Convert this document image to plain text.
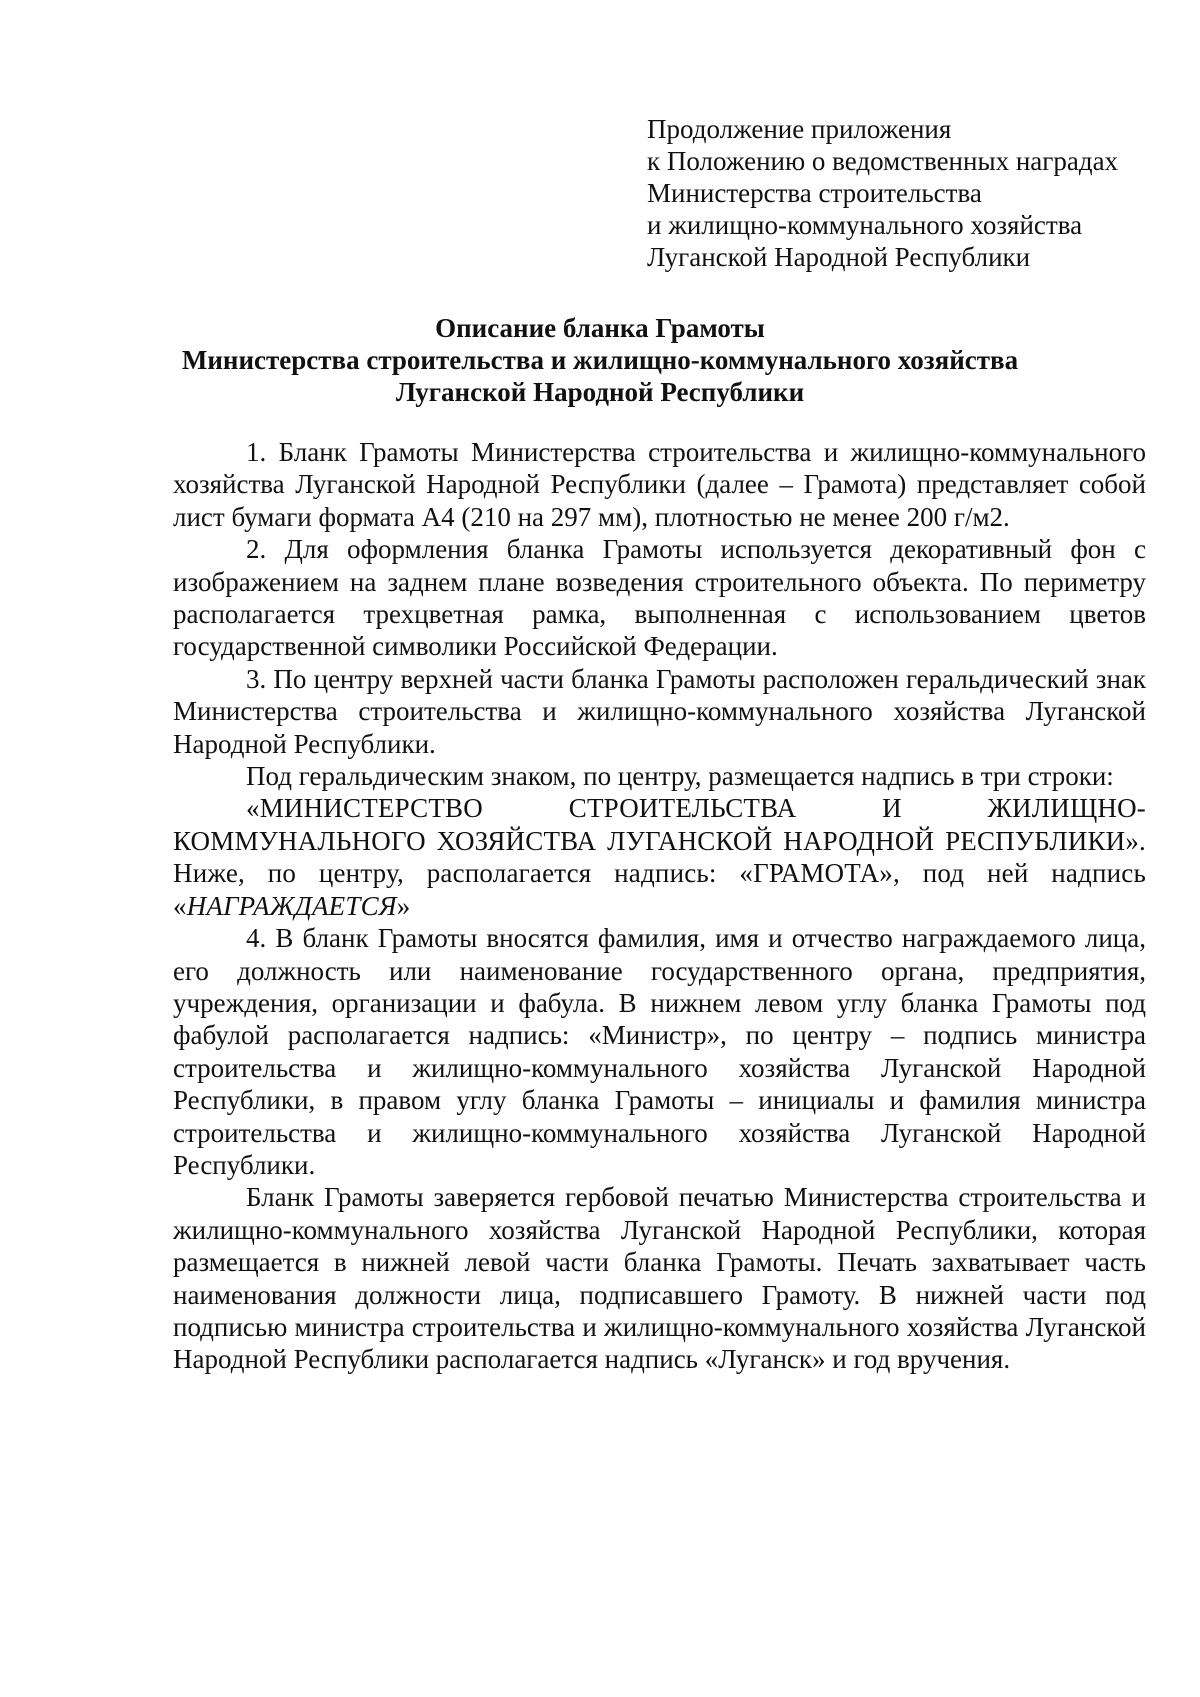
Продолжение приложения
к Положению о ведомственных наградах
Министерства строительства
и жилищно-коммунального хозяйства
Луганской Народной Республики
Описание бланка Грамоты
Министерства строительства и жилищно-коммунального хозяйства
Луганской Народной Республики

1. Бланк Грамоты Министерства строительства и жилищно-коммунального хозяйства Луганской Народной Республики (далее – Грамота) представляет собой лист бумаги формата А4 (210 на 297 мм), плотностью не менее 200 г/м2.

2. Для оформления бланка Грамоты используется декоративный фон с изображением на заднем плане возведения строительного объекта. По периметру располагается трехцветная рамка, выполненная с использованием цветов государственной символики Российской Федерации.

3. По центру верхней части бланка Грамоты расположен геральдический знак Министерства строительства и жилищно-коммунального хозяйства Луганской Народной Республики.

Под геральдическим знаком, по центру, размещается надпись в три строки:

«МИНИСТЕРСТВО СТРОИТЕЛЬСТВА И ЖИЛИЩНО-КОММУНАЛЬНОГО ХОЗЯЙСТВА ЛУГАНСКОЙ НАРОДНОЙ РЕСПУБЛИКИ». Ниже, по центру, располагается надпись: «ГРАМОТА», под ней надпись «НАГРАЖДАЕТСЯ»

4. В бланк Грамоты вносятся фамилия, имя и отчество награждаемого лица, его должность или наименование государственного органа, предприятия, учреждения, организации и фабула. В нижнем левом углу бланка Грамоты под фабулой располагается надпись: «Министр», по центру – подпись министра строительства и жилищно-коммунального хозяйства Луганской Народной Республики, в правом углу бланка Грамоты – инициалы и фамилия министра строительства и жилищно-коммунального хозяйства Луганской Народной Республики.

Бланк Грамоты заверяется гербовой печатью Министерства строительства и жилищно-коммунального хозяйства Луганской Народной Республики, которая размещается в нижней левой части бланка Грамоты. Печать захватывает часть наименования должности лица, подписавшего Грамоту. В нижней части под подписью министра строительства и жилищно-коммунального хозяйства Луганской Народной Республики располагается надпись «Луганск» и год вручения.
